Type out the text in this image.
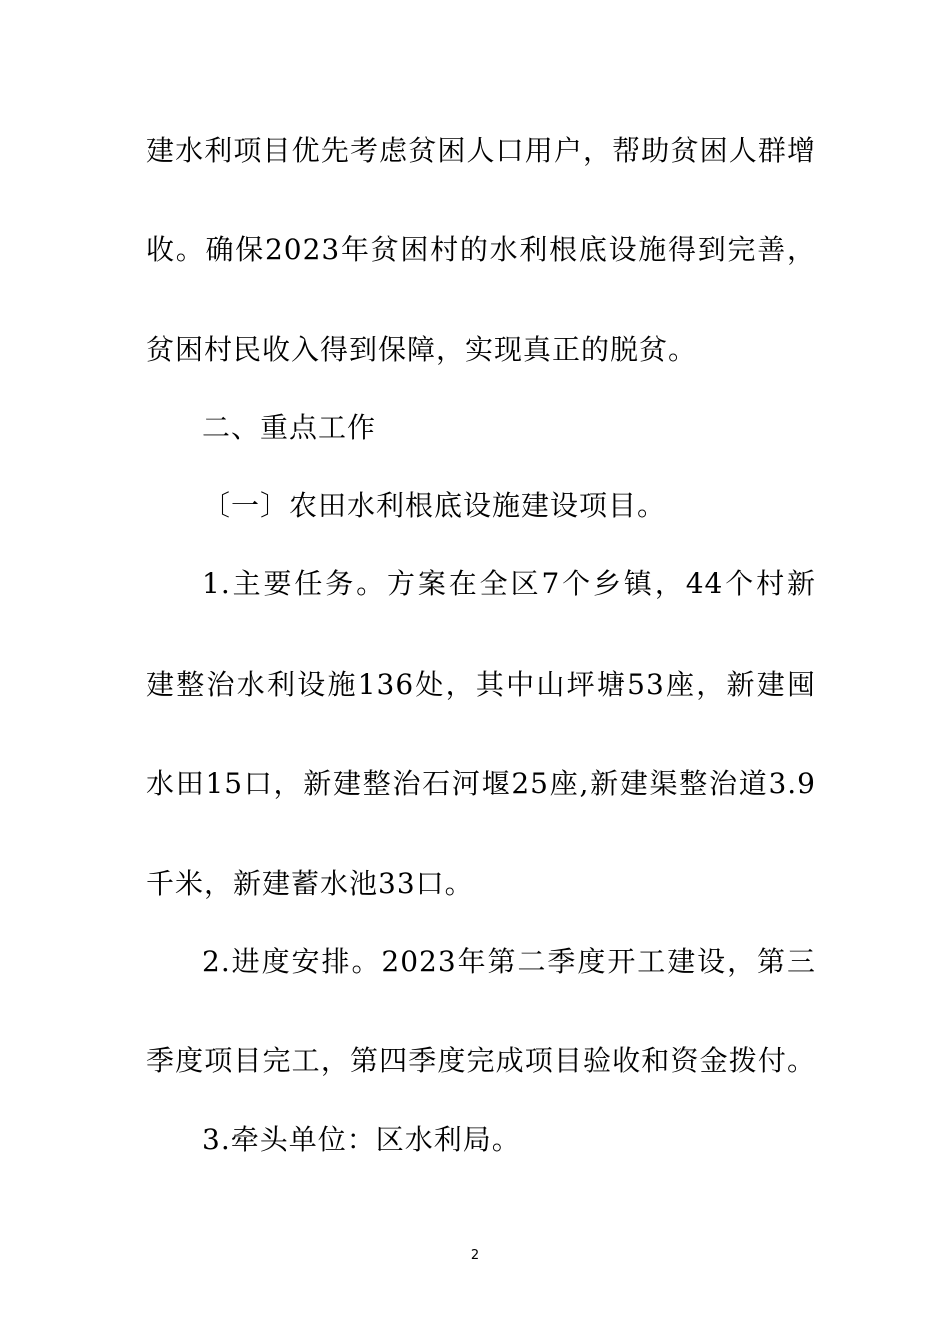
建水利项目优先考虑贫困人口用户，帮助贫困人群增
收。确保2023年贫困村的水利根底设施得到完善，
贫困村民收入得到保障，实现真正的脱贫。
二、重点工作
〔一〕农田水利根底设施建设项目。
1.主要任务。方案在全区7个乡镇，44个村新
建整治水利设施136处，其中山坪塘53座，新建囤
水田15口，新建整治石河堰25座,新建渠整治道3.9
千米，新建蓄水池33口。
2.进度安排。2023年第二季度开工建设，第三
季度项目完工，第四季度完成项目验收和资金拨付。
3.牵头单位：区水利局。
2
